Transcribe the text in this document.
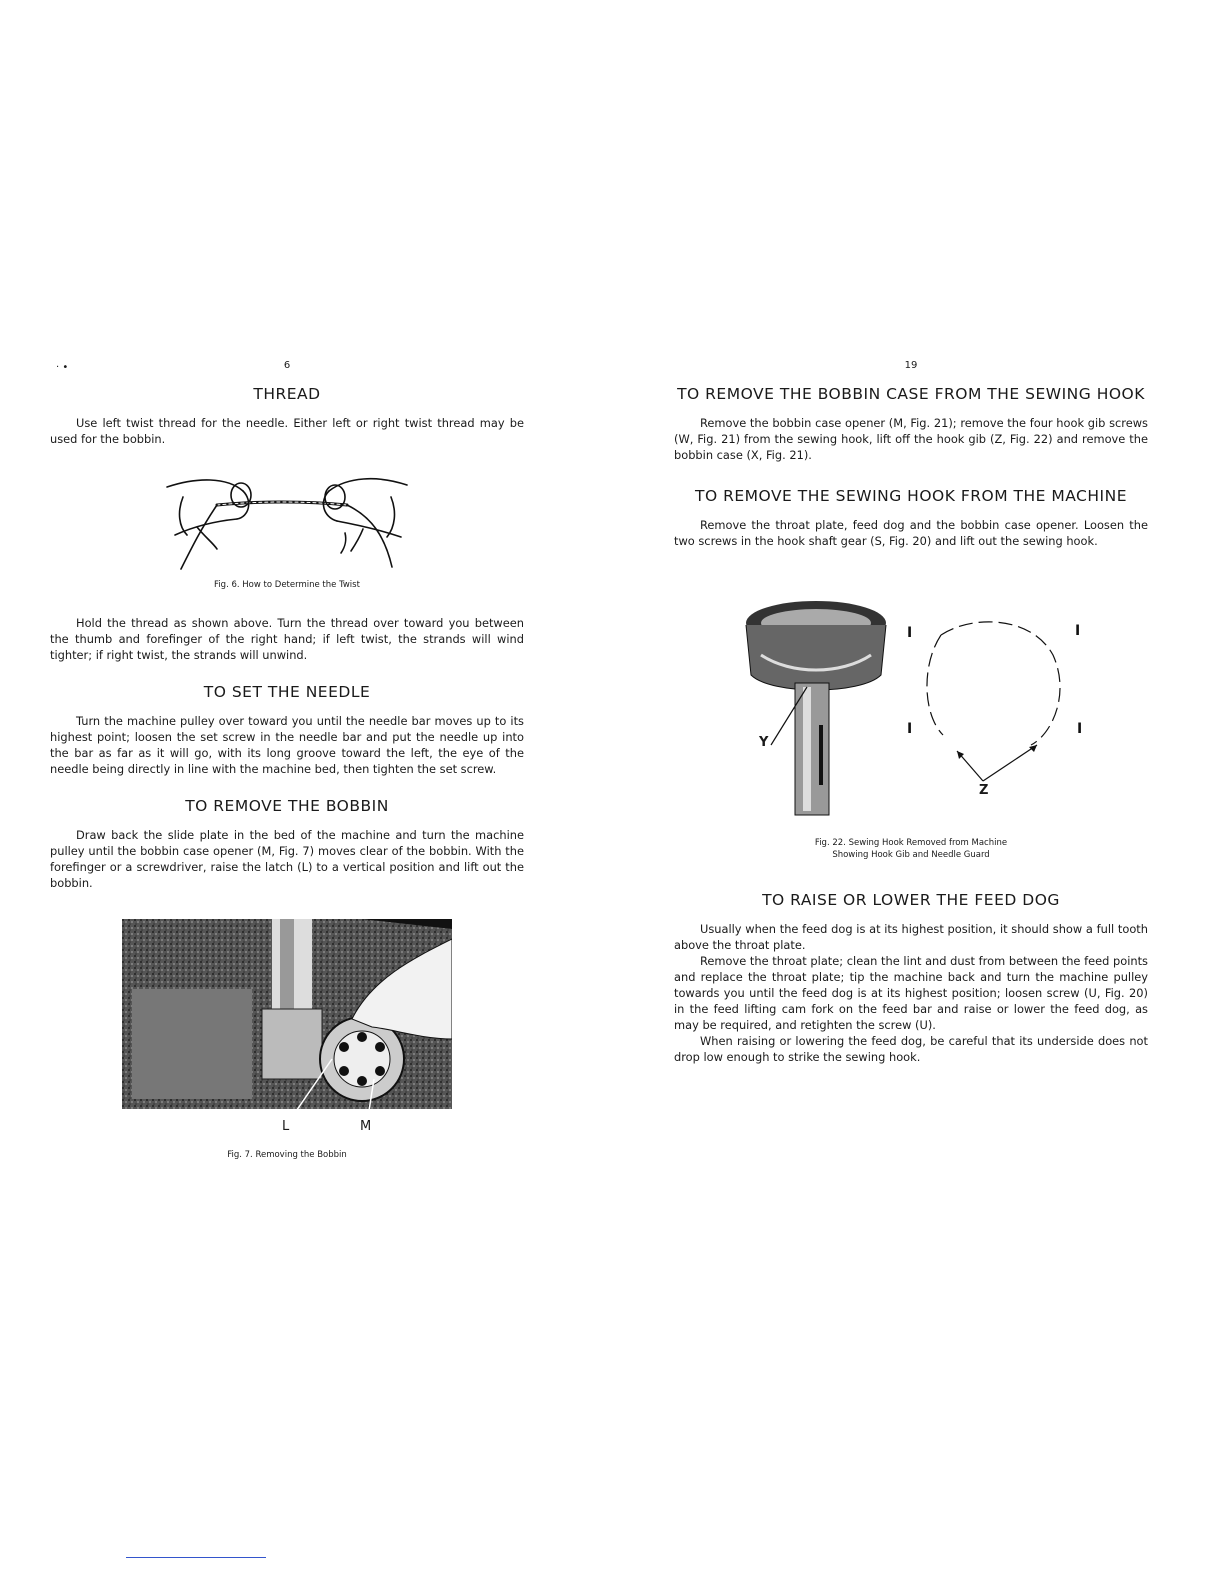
· •	6
THREAD

Use left twist thread for the needle. Either left or right twist thread may be used for the bobbin.

Fig. 6. How to Determine the Twist

Hold the thread as shown above. Turn the thread over toward you between the thumb and forefinger of the right hand; if left twist, the strands will wind tighter; if right twist, the strands will unwind.

TO SET THE NEEDLE

Turn the machine pulley over toward you until the needle bar moves up to its highest point; loosen the set screw in the needle bar and put the needle up into the bar as far as it will go, with its long groove toward the left, the eye of the needle being directly in line with the machine bed, then tighten the set screw.

TO REMOVE THE BOBBIN

Draw back the slide plate in the bed of the machine and turn the machine pulley until the bobbin case opener (M, Fig. 7) moves clear of the bobbin. With the forefinger or a screwdriver, raise the latch (L) to a vertical position and lift out the bobbin.

L	M
Fig. 7. Removing the Bobbin
19
TO REMOVE THE BOBBIN CASE FROM THE SEWING HOOK

Remove the bobbin case opener (M, Fig. 21); remove the four hook gib screws (W, Fig. 21) from the sewing hook, lift off the hook gib (Z, Fig. 22) and remove the bobbin case (X, Fig. 21).

TO REMOVE THE SEWING HOOK FROM THE MACHINE

Remove the throat plate, feed dog and the bobbin case opener. Loosen the two screws in the hook shaft gear (S, Fig. 20) and lift out the sewing hook.

I	I
I	I
Y
Z
Fig. 22. Sewing Hook Removed from Machine
Showing Hook Gib and Needle Guard
TO RAISE OR LOWER THE FEED DOG

Usually when the feed dog is at its highest position, it should show a full tooth above the throat plate.

Remove the throat plate; clean the lint and dust from between the feed points and replace the throat plate; tip the machine back and turn the machine pulley towards you until the feed dog is at its highest position; loosen screw (U, Fig. 20) in the feed lifting cam fork on the feed bar and raise or lower the feed dog, as may be required, and retighten the screw (U).

When raising or lowering the feed dog, be careful that its underside does not drop low enough to strike the sewing hook.
